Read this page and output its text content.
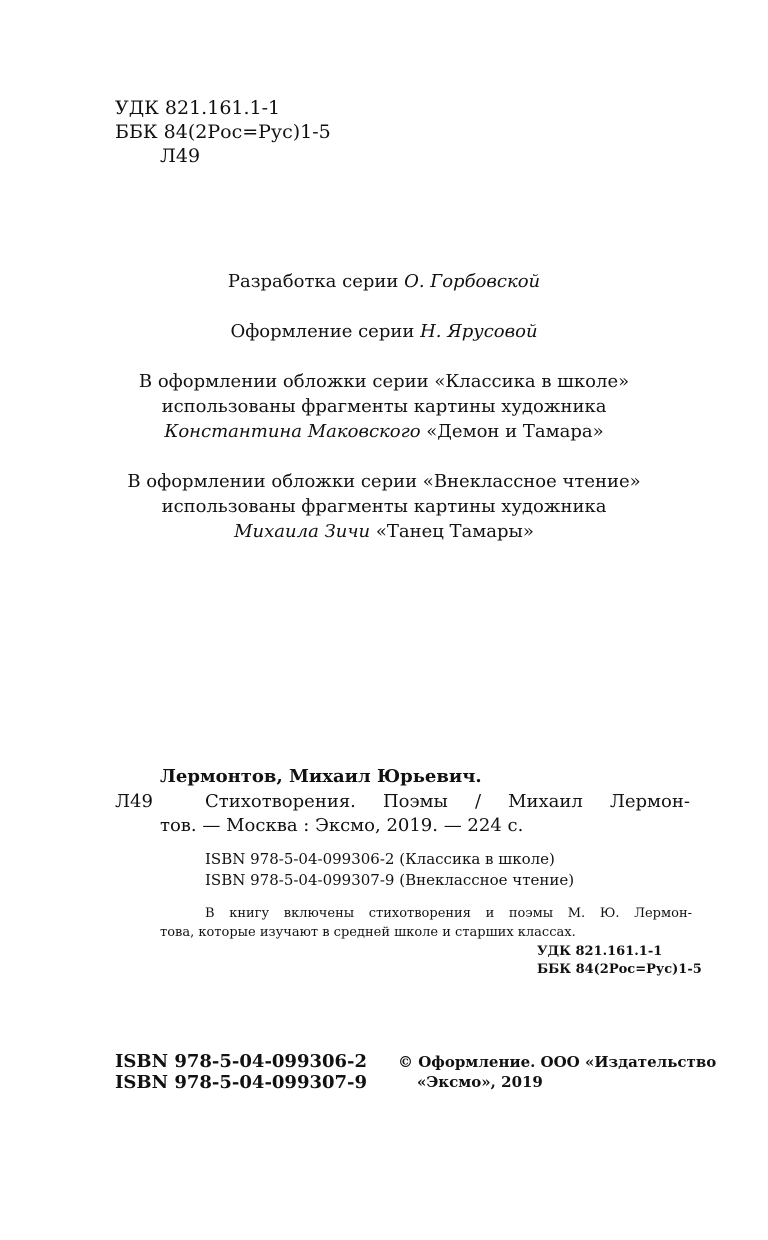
УДК 821.161.1-1
ББК 84(2Рос=Рус)1-5
Л49
Разработка серии О. Горбовской
Оформление серии Н. Ярусовой
В оформлении обложки серии «Классика в школе»
использованы фрагменты картины художника
Константина Маковского «Демон и Тамара»
В оформлении обложки серии «Внеклассное чтение»
использованы фрагменты картины художника
Михаила Зичи «Танец Тамары»
Лермонтов, Михаил Юрьевич.
Л49	Стихотворения. Поэмы / Михаил Лермон-
тов. — Москва : Эксмо, 2019. — 224 с.
ISBN 978-5-04-099306-2 (Классика в школе)
ISBN 978-5-04-099307-9 (Внеклассное чтение)
В книгу включены стихотворения и поэмы М. Ю. Лермон-
това, которые изучают в средней школе и старших классах.
УДК 821.161.1-1
ББК 84(2Рос=Рус)1-5
ISBN 978-5-04-099306-2
ISBN 978-5-04-099307-9
© Оформление. ООО «Издательство
«Эксмо», 2019
